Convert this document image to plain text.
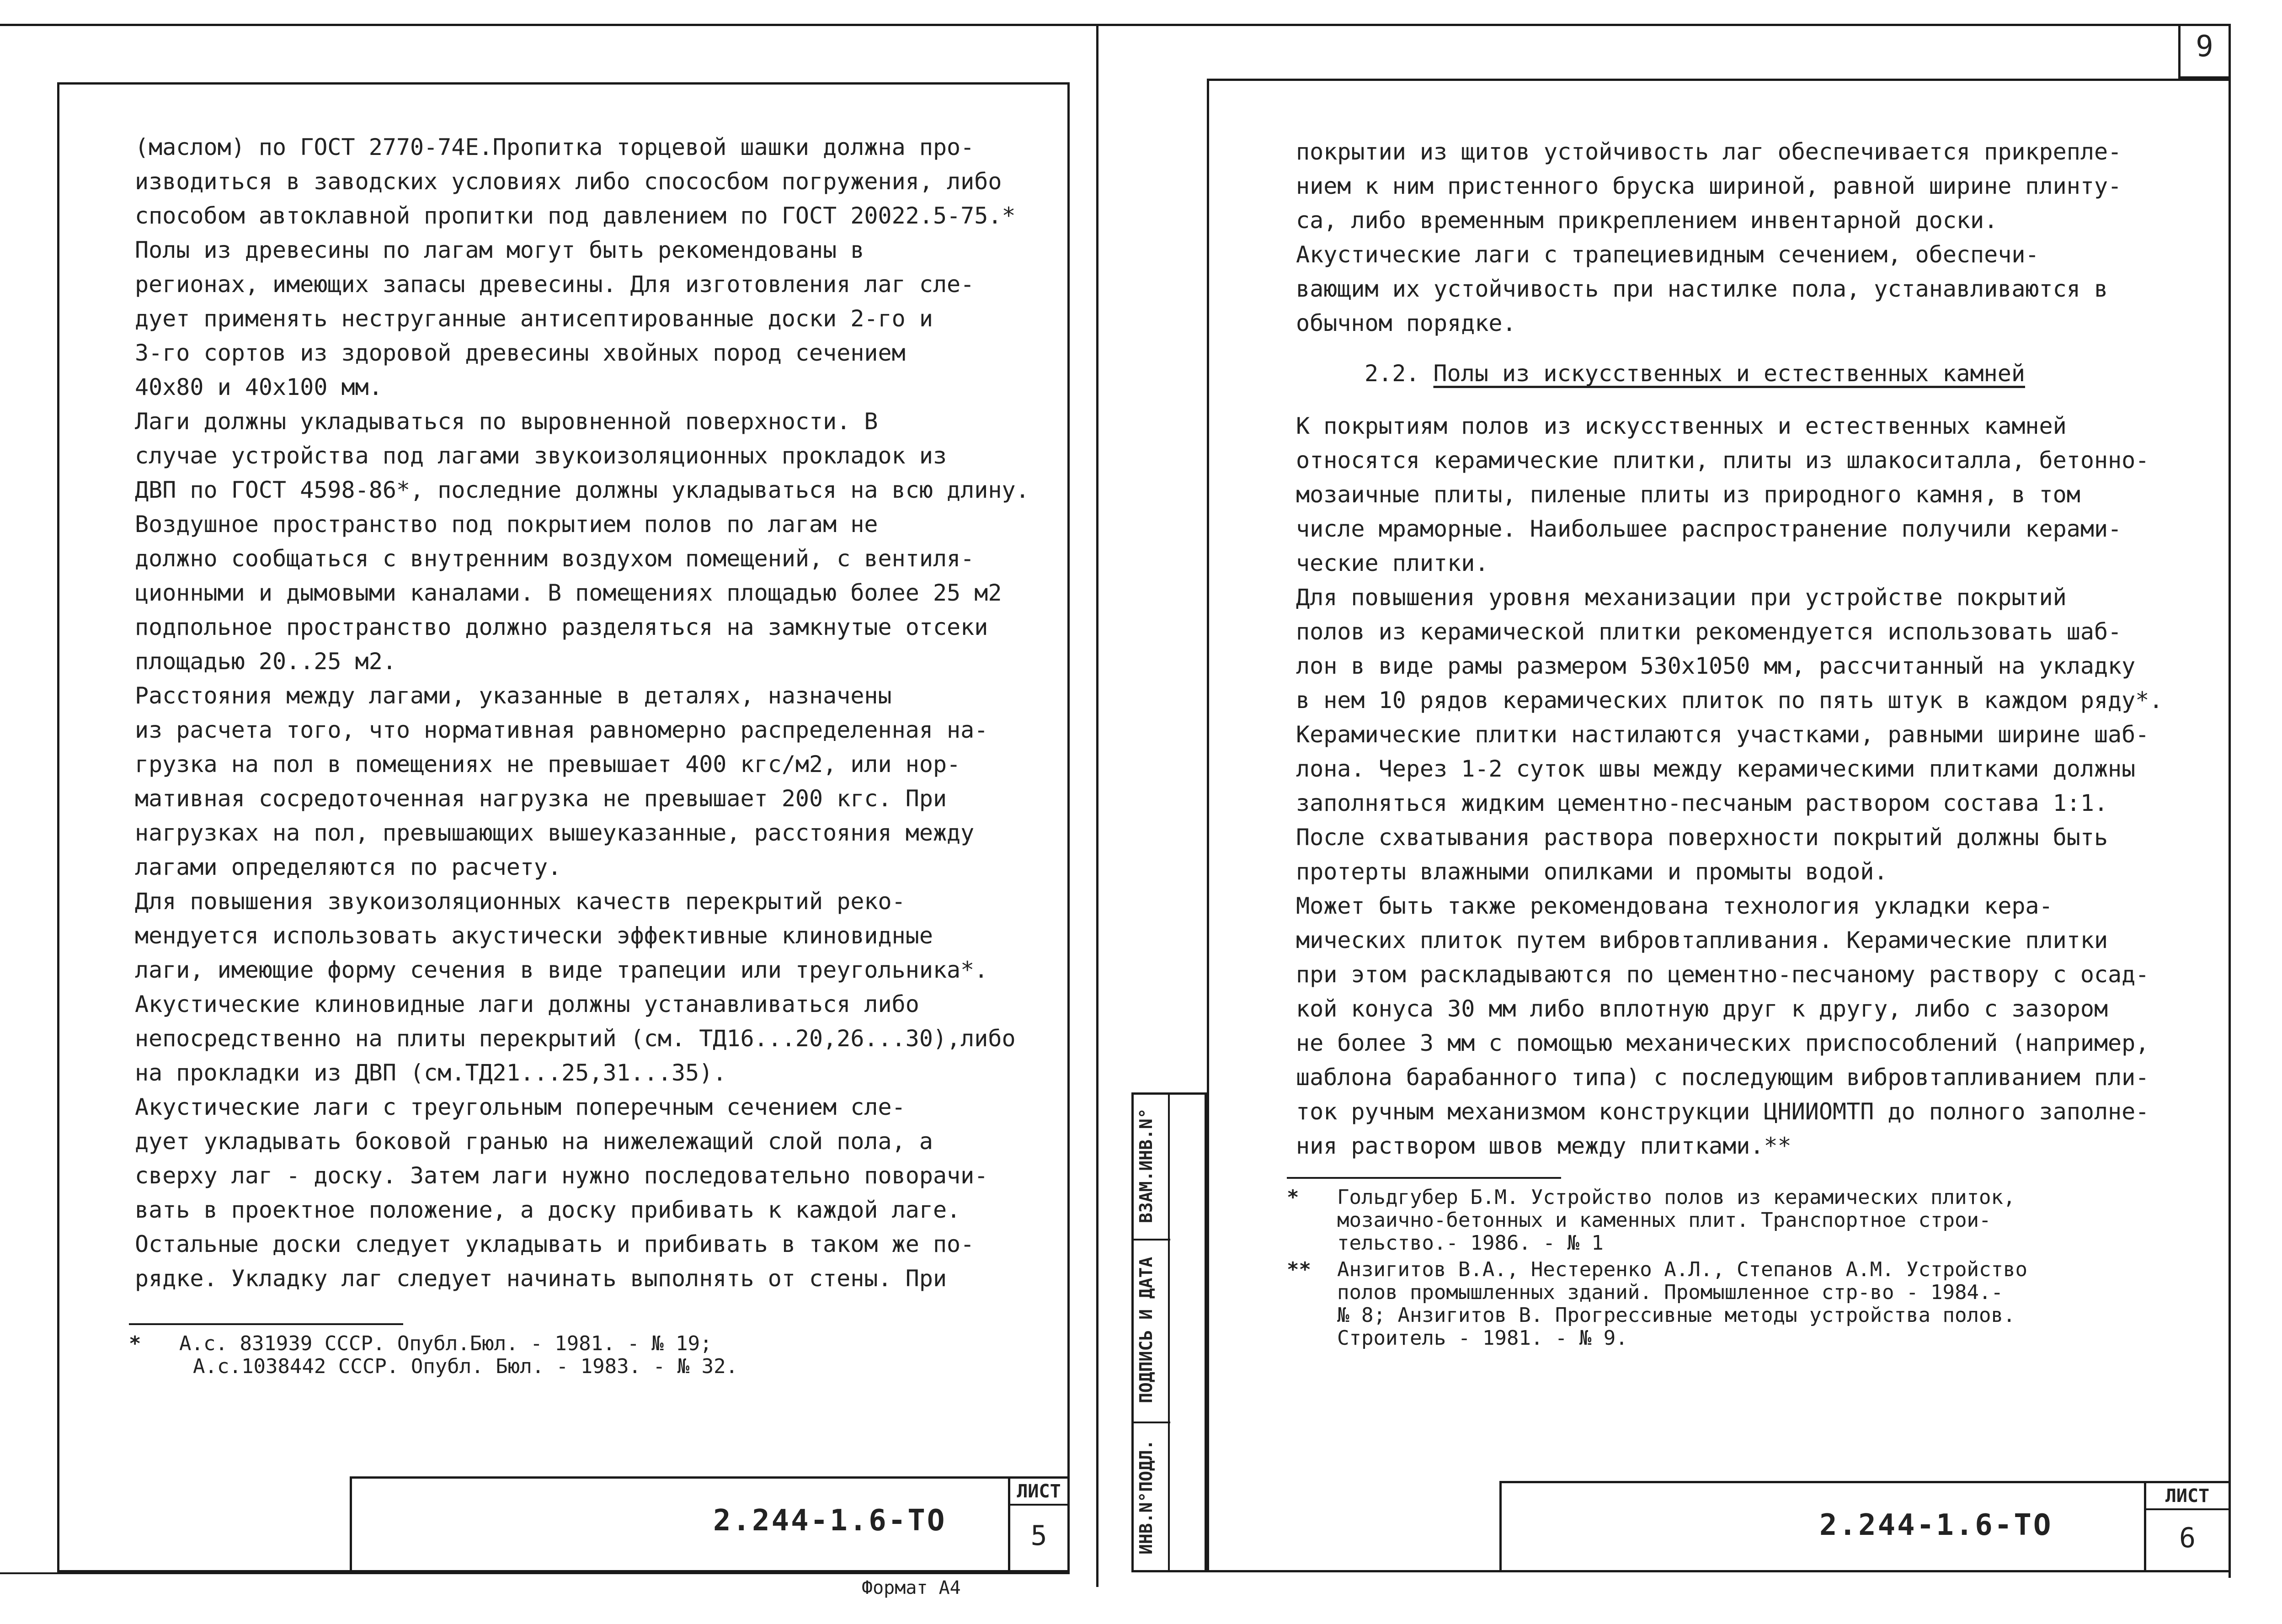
9

(маслом) по ГОСТ 2770-74Е.Пропитка торцевой шашки должна про-

изводиться в заводских условиях либо спососбом погружения, либо

способом автоклавной пропитки под давлением по ГОСТ 20022.5-75.*

Полы из древесины по лагам могут быть рекомендованы в

регионах, имеющих запасы древесины. Для изготовления лаг сле-

дует применять неструганные антисептированные доски 2-го и

3-го сортов из здоровой древесины хвойных пород сечением

40х80 и 40х100 мм.

Лаги должны укладываться по выровненной поверхности. В

случае устройства под лагами звукоизоляционных прокладок из

ДВП по ГОСТ 4598-86*, последние должны укладываться на всю длину.

Воздушное пространство под покрытием полов по лагам не

должно сообщаться с внутренним воздухом помещений, с вентиля-

ционными и дымовыми каналами. В помещениях площадью более 25 м2

подпольное пространство должно разделяться на замкнутые отсеки

площадью 20..25 м2.

Расстояния между лагами, указанные в деталях, назначены

из расчета того, что нормативная равномерно распределенная на-

грузка на пол в помещениях не превышает 400 кгс/м2, или нор-

мативная сосредоточенная нагрузка не превышает 200 кгс. При

нагрузках на пол, превышающих вышеуказанные, расстояния между

лагами определяются по расчету.

Для повышения звукоизоляционных качеств перекрытий реко-

мендуется использовать акустически эффективные клиновидные

лаги, имеющие форму сечения в виде трапеции или треугольника*.

Акустические клиновидные лаги должны устанавливаться либо

непосредственно на плиты перекрытий (см. ТД16...20,26...30),либо

на прокладки из ДВП (см.ТД21...25,31...35).

Акустические лаги с треугольным поперечным сечением сле-

дует укладывать боковой гранью на нижележащий слой пола, а

сверху лаг - доску. Затем лаги нужно последовательно поворачи-

вать в проектное положение, а доску прибивать к каждой лаге.

Остальные доски следует укладывать и прибивать в таком же по-

рядке. Укладку лаг следует начинать выполнять от стены. При

* А.с. 831939 СССР. Опубл.Бюл. - 1981. - № 19;

А.с.1038442 СССР. Опубл. Бюл. - 1983. - № 32.

2.244-1.6-ТО
ЛИСТ
5
Формат А4

покрытии из щитов устойчивость лаг обеспечивается прикрепле-

нием к ним пристенного бруска шириной, равной ширине плинту-

са, либо временным прикреплением инвентарной доски.

Акустические лаги с трапециевидным сечением, обеспечи-

вающим их устойчивость при настилке пола, устанавливаются в

обычном порядке.

2.2. Полы из искусственных и естественных камней

К покрытиям полов из искусственных и естественных камней

относятся керамические плитки, плиты из шлакоситалла, бетонно-

мозаичные плиты, пиленые плиты из природного камня, в том

числе мраморные. Наибольшее распространение получили керами-

ческие плитки.

Для повышения уровня механизации при устройстве покрытий

полов из керамической плитки рекомендуется использовать шаб-

лон в виде рамы размером 530х1050 мм, рассчитанный на укладку

в нем 10 рядов керамических плиток по пять штук в каждом ряду*.

Керамические плитки настилаются участками, равными ширине шаб-

лона. Через 1-2 суток швы между керамическими плитками должны

заполняться жидким цементно-песчаным раствором состава 1:1.

После схватывания раствора поверхности покрытий должны быть

протерты влажными опилками и промыты водой.

Может быть также рекомендована технология укладки кера-

мических плиток путем вибровтапливания. Керамические плитки

при этом раскладываются по цементно-песчаному раствору с осад-

кой конуса 30 мм либо вплотную друг к другу, либо с зазором

не более 3 мм с помощью механических приспособлений (например,

шаблона барабанного типа) с последующим вибровтапливанием пли-

ток ручным механизмом конструкции ЦНИИОМТП до полного заполне-

ния раствором швов между плитками.**

* Гольдгубер Б.М. Устройство полов из керамических плиток,

мозаично-бетонных и каменных плит. Транспортное строи-

тельство.- 1986. - № 1

** Анзигитов В.А., Нестеренко А.Л., Степанов А.М. Устройство

полов промышленных зданий. Промышленное стр-во - 1984.-

№ 8; Анзигитов В. Прогрессивные методы устройства полов.

Строитель - 1981. - № 9.

2.244-1.6-ТО
ЛИСТ
6
ВЗАМ.ИНВ.N°
ПОДПИСЬ И ДАТА
ИНВ.N°ПОДЛ.
